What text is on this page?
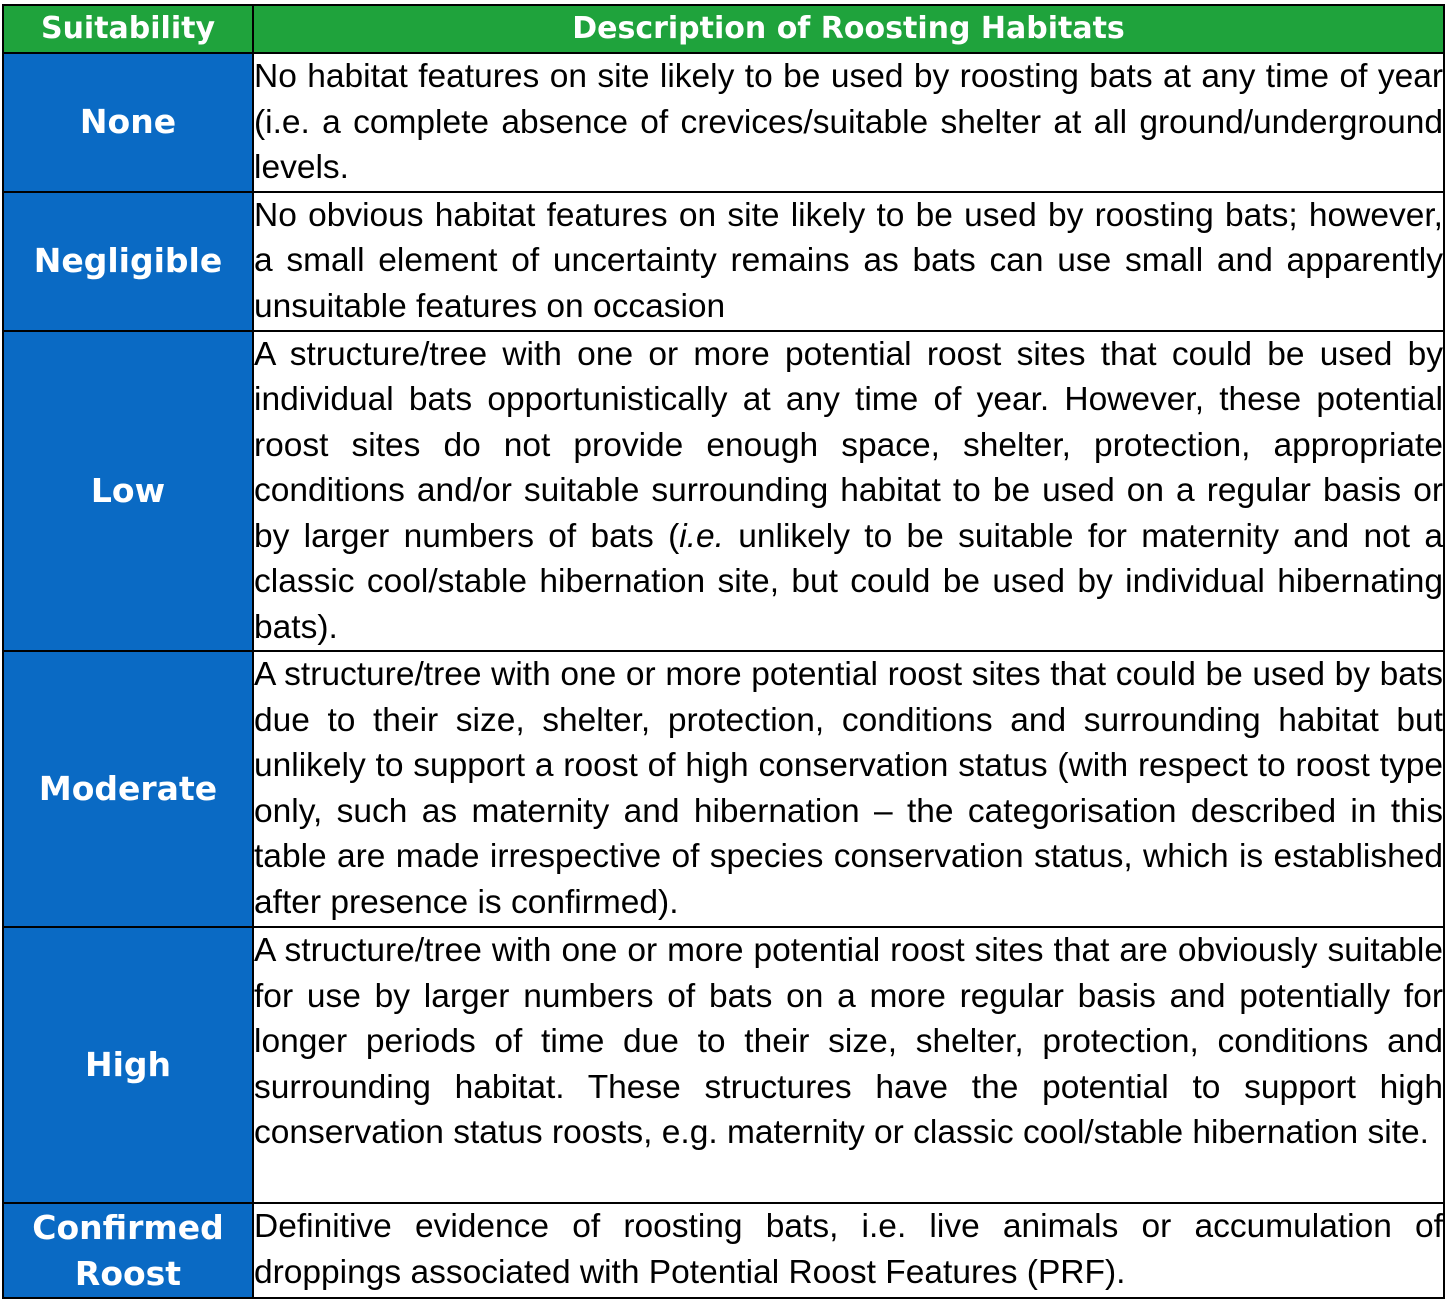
Suitability	Description of Roosting Habitats
None	No habitat features on site likely to be used by roosting bats at any time of year (i.e. a complete absence of crevices/suitable shelter at all ground/underground levels.

Negligible	No obvious habitat features on site likely to be used by roosting bats; however, a small element of uncertainty remains as bats can use small and apparently unsuitable features on occasion

Low	A structure/tree with one or more potential roost sites that could be used by individual bats opportunistically at any time of year. However, these potential roost sites do not provide enough space, shelter, protection, appropriate conditions and/or suitable surrounding habitat to be used on a regular basis or by larger numbers of bats (i.e. unlikely to be suitable for maternity and not a classic cool/stable hibernation site, but could be used by individual hibernating bats).

Moderate	A structure/tree with one or more potential roost sites that could be used by bats due to their size, shelter, protection, conditions and surrounding habitat but unlikely to support a roost of high conservation status (with respect to roost type only, such as maternity and hibernation – the categorisation described in this table are made irrespective of species conservation status, which is established after presence is confirmed).

High	A structure/tree with one or more potential roost sites that are obviously suitable for use by larger numbers of bats on a more regular basis and potentially for longer periods of time due to their size, shelter, protection, conditions and surrounding habitat. These structures have the potential to support high conservation status roosts, e.g. maternity or classic cool/stable hibernation site.

Confirmed Roost	Definitive evidence of roosting bats, i.e. live animals or accumulation of droppings associated with Potential Roost Features (PRF).
